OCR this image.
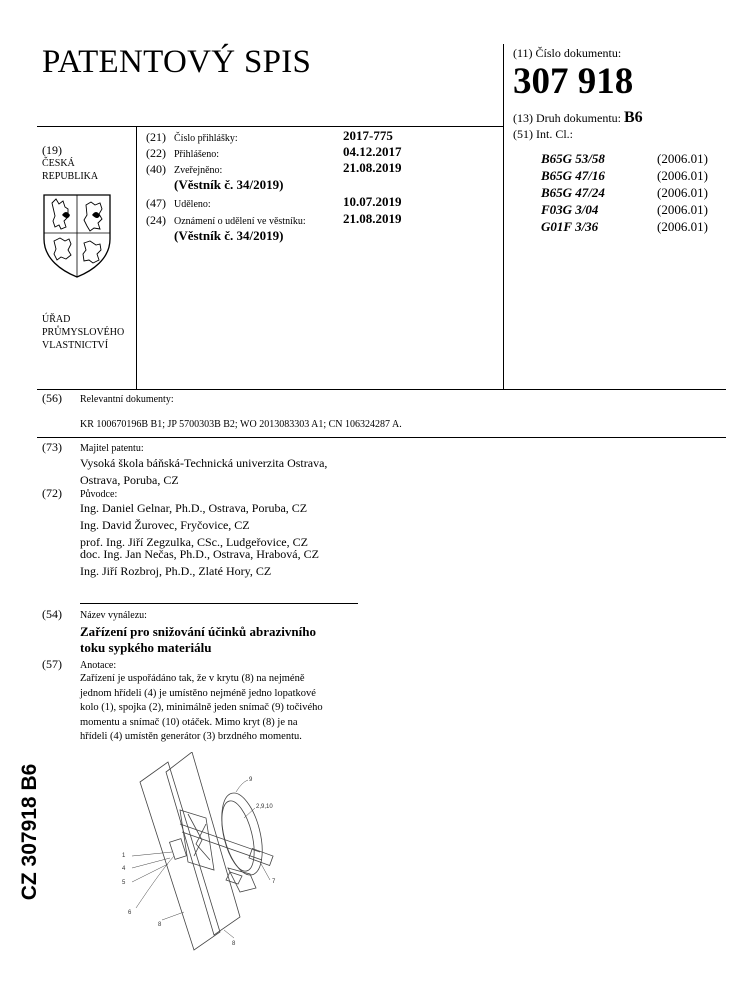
PATENTOVÝ SPIS	(11) Číslo dokumentu:
307 918
(13) Druh dokumentu: B6
(51) Int. Cl.:
(19)
ČESKÁ
REPUBLIKA
ÚŘAD
PRŮMYSLOVÉHO
VLASTNICTVÍ
(21) Číslo přihlášky:	2017-775
(22) Přihlášeno:	04.12.2017
(40) Zveřejněno:	21.08.2019
(Věstník č. 34/2019)
(47) Uděleno:	10.07.2019
(24) Oznámení o udělení ve věstníku:	21.08.2019
(Věstník č. 34/2019)
B65G 53/58	(2006.01)
B65G 47/16	(2006.01)
B65G 47/24	(2006.01)
F03G 3/04	(2006.01)
G01F 3/36	(2006.01)
(56) Relevantní dokumenty:
KR 100670196B B1; JP 5700303B B2; WO 2013083303 A1; CN 106324287 A.
(73) Majitel patentu:
Vysoká škola báňská-Technická univerzita Ostrava,
Ostrava, Poruba, CZ
(72) Původce:
Ing. Daniel Gelnar, Ph.D., Ostrava, Poruba, CZ
Ing. David Žurovec, Fryčovice, CZ
prof. Ing. Jiří Zegzulka, CSc., Ludgeřovice, CZ
doc. Ing. Jan Nečas, Ph.D., Ostrava, Hrabová, CZ
Ing. Jiří Rozbroj, Ph.D., Zlaté Hory, CZ
(54) Název vynálezu:
Zařízení pro snižování účinků abrazivního
toku sypkého materiálu
(57) Anotace:
Zařízení je uspořádáno tak, že v krytu (8) na nejméně
jednom hřídeli (4) je umístěno nejméně jedno lopatkové
kolo (1), spojka (2), minimálně jeden snímač (9) točivého
momentu a snímač (10) otáček. Mimo kryt (8) je na
hřídeli (4) umístěn generátor (3) brzdného momentu.
9
2,9,10
1
4
5	7
6
8
8
CZ 307918 B6
